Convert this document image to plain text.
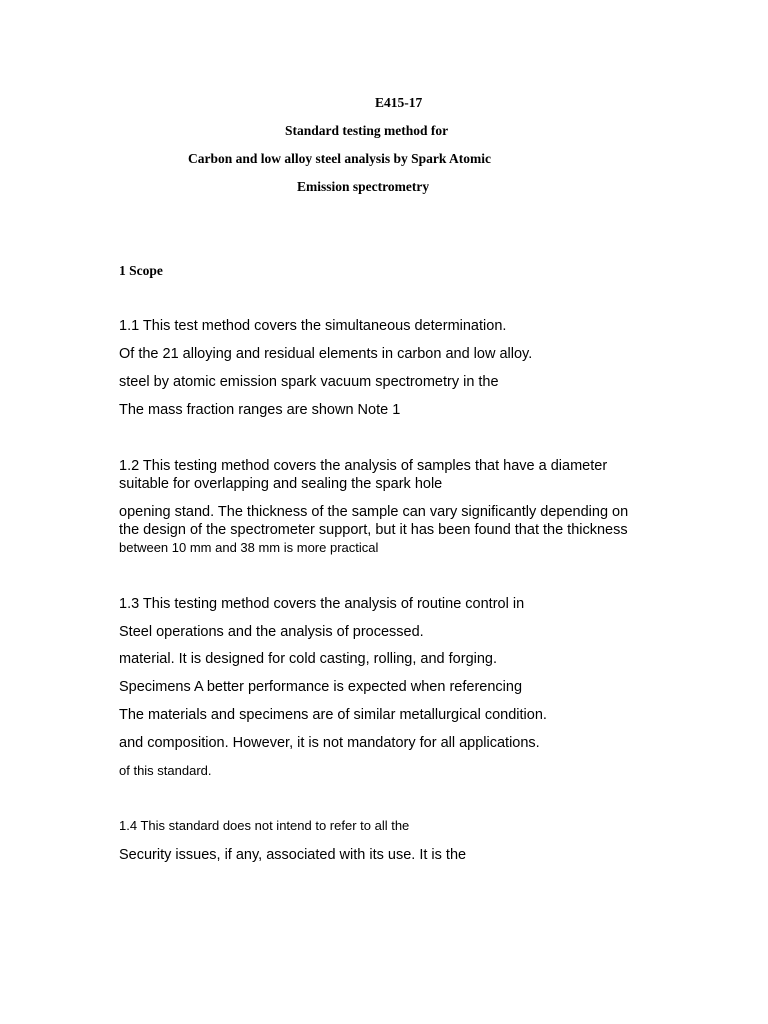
E415-17
Standard testing method for
Carbon and low alloy steel analysis by Spark Atomic
Emission spectrometry
1 Scope
1.1 This test method covers the simultaneous determination.
Of the 21 alloying and residual elements in carbon and low alloy.
steel by atomic emission spark vacuum spectrometry in the
The mass fraction ranges are shown Note 1
1.2 This testing method covers the analysis of samples that have a diameter
suitable for overlapping and sealing the spark hole
opening stand. The thickness of the sample can vary significantly depending on
the design of the spectrometer support, but it has been found that the thickness
between 10 mm and 38 mm is more practical
1.3 This testing method covers the analysis of routine control in
Steel operations and the analysis of processed.
material. It is designed for cold casting, rolling, and forging.
Specimens A better performance is expected when referencing
The materials and specimens are of similar metallurgical condition.
and composition. However, it is not mandatory for all applications.
of this standard.
1.4 This standard does not intend to refer to all the
Security issues, if any, associated with its use. It is the
